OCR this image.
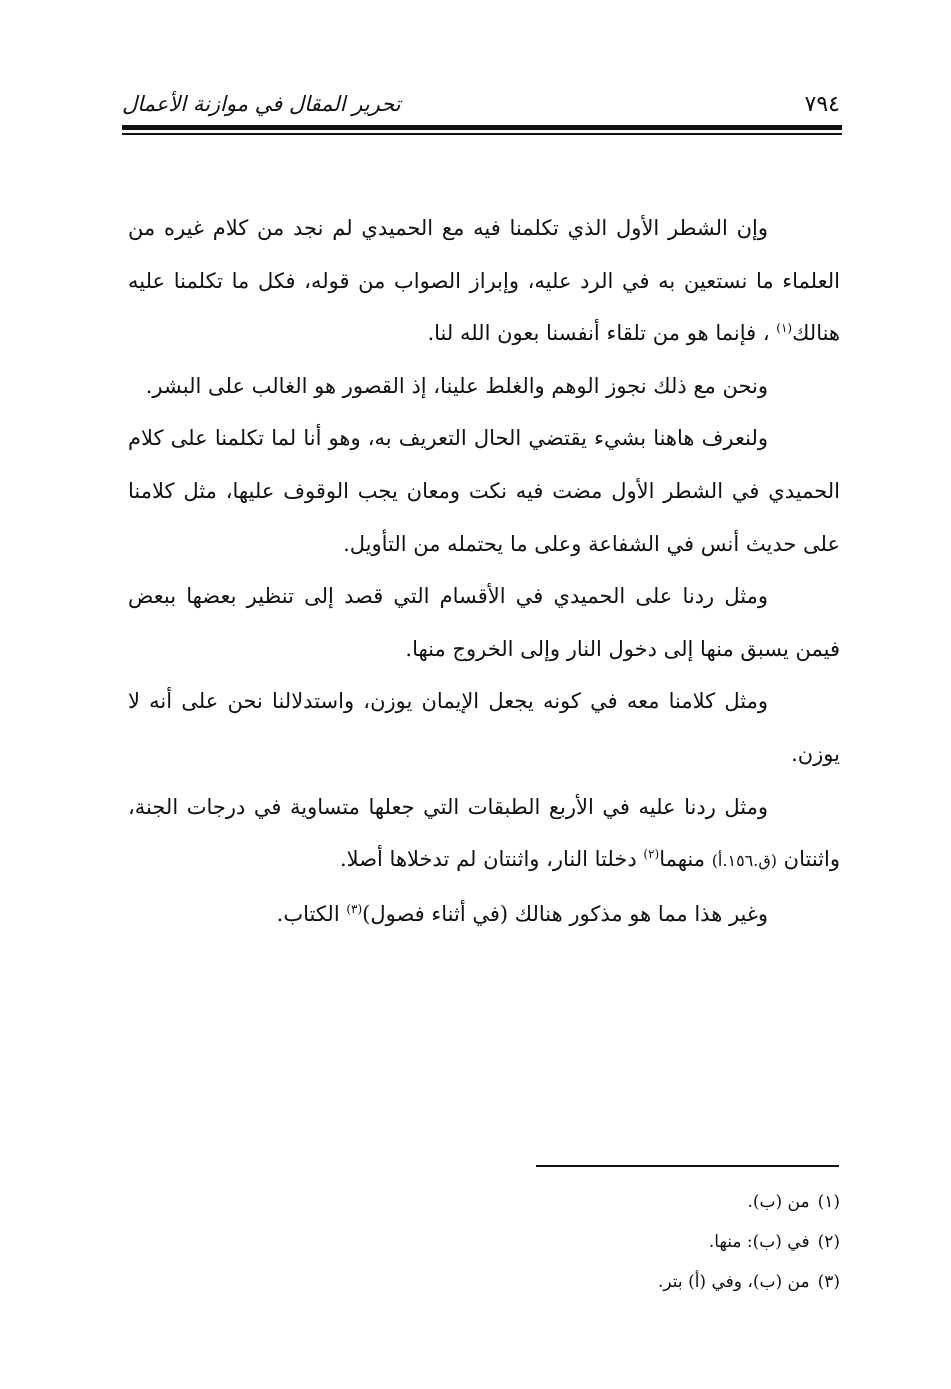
٧٩٤
تحرير المقال في موازنة الأعمال

وإن الشطر الأول الذي تكلمنا فيه مع الحميدي لم نجد من كلام غيره من العلماء ما نستعين به في الرد عليه، وإبراز الصواب من قوله، فكل ما تكلمنا عليه هنالك$^{(١)}$ ، فإنما هو من تلقاء أنفسنا بعون الله لنا.

ونحن مع ذلك نجوز الوهم والغلط علينا، إذ القصور هو الغالب على البشر.

ولنعرف هاهنا بشيء يقتضي الحال التعريف به، وهو أنا لما تكلمنا على كلام الحميدي في الشطر الأول مضت فيه نكت ومعان يجب الوقوف عليها، مثل كلامنا على حديث أنس في الشفاعة وعلى ما يحتمله من التأويل.

ومثل ردنا على الحميدي في الأقسام التي قصد إلى تنظير بعضها ببعض فيمن يسبق منها إلى دخول النار وإلى الخروج منها.

ومثل كلامنا معه في كونه يجعل الإيمان يوزن، واستدلالنا نحن على أنه لا يوزن.

ومثل ردنا عليه في الأربع الطبقات التي جعلها متساوية في درجات الجنة، واثنتان (ق.١٥٦.أ) منهما$^{(٢)}$ دخلتا النار، واثنتان لم تدخلاها أصلا.

وغير هذا مما هو مذكور هنالك (في أثناء فصول)$^{(٣)}$ الكتاب.

(١)من (ب).
(٢)في (ب): منها.
(٣)من (ب)، وفي (أ) بتر.
